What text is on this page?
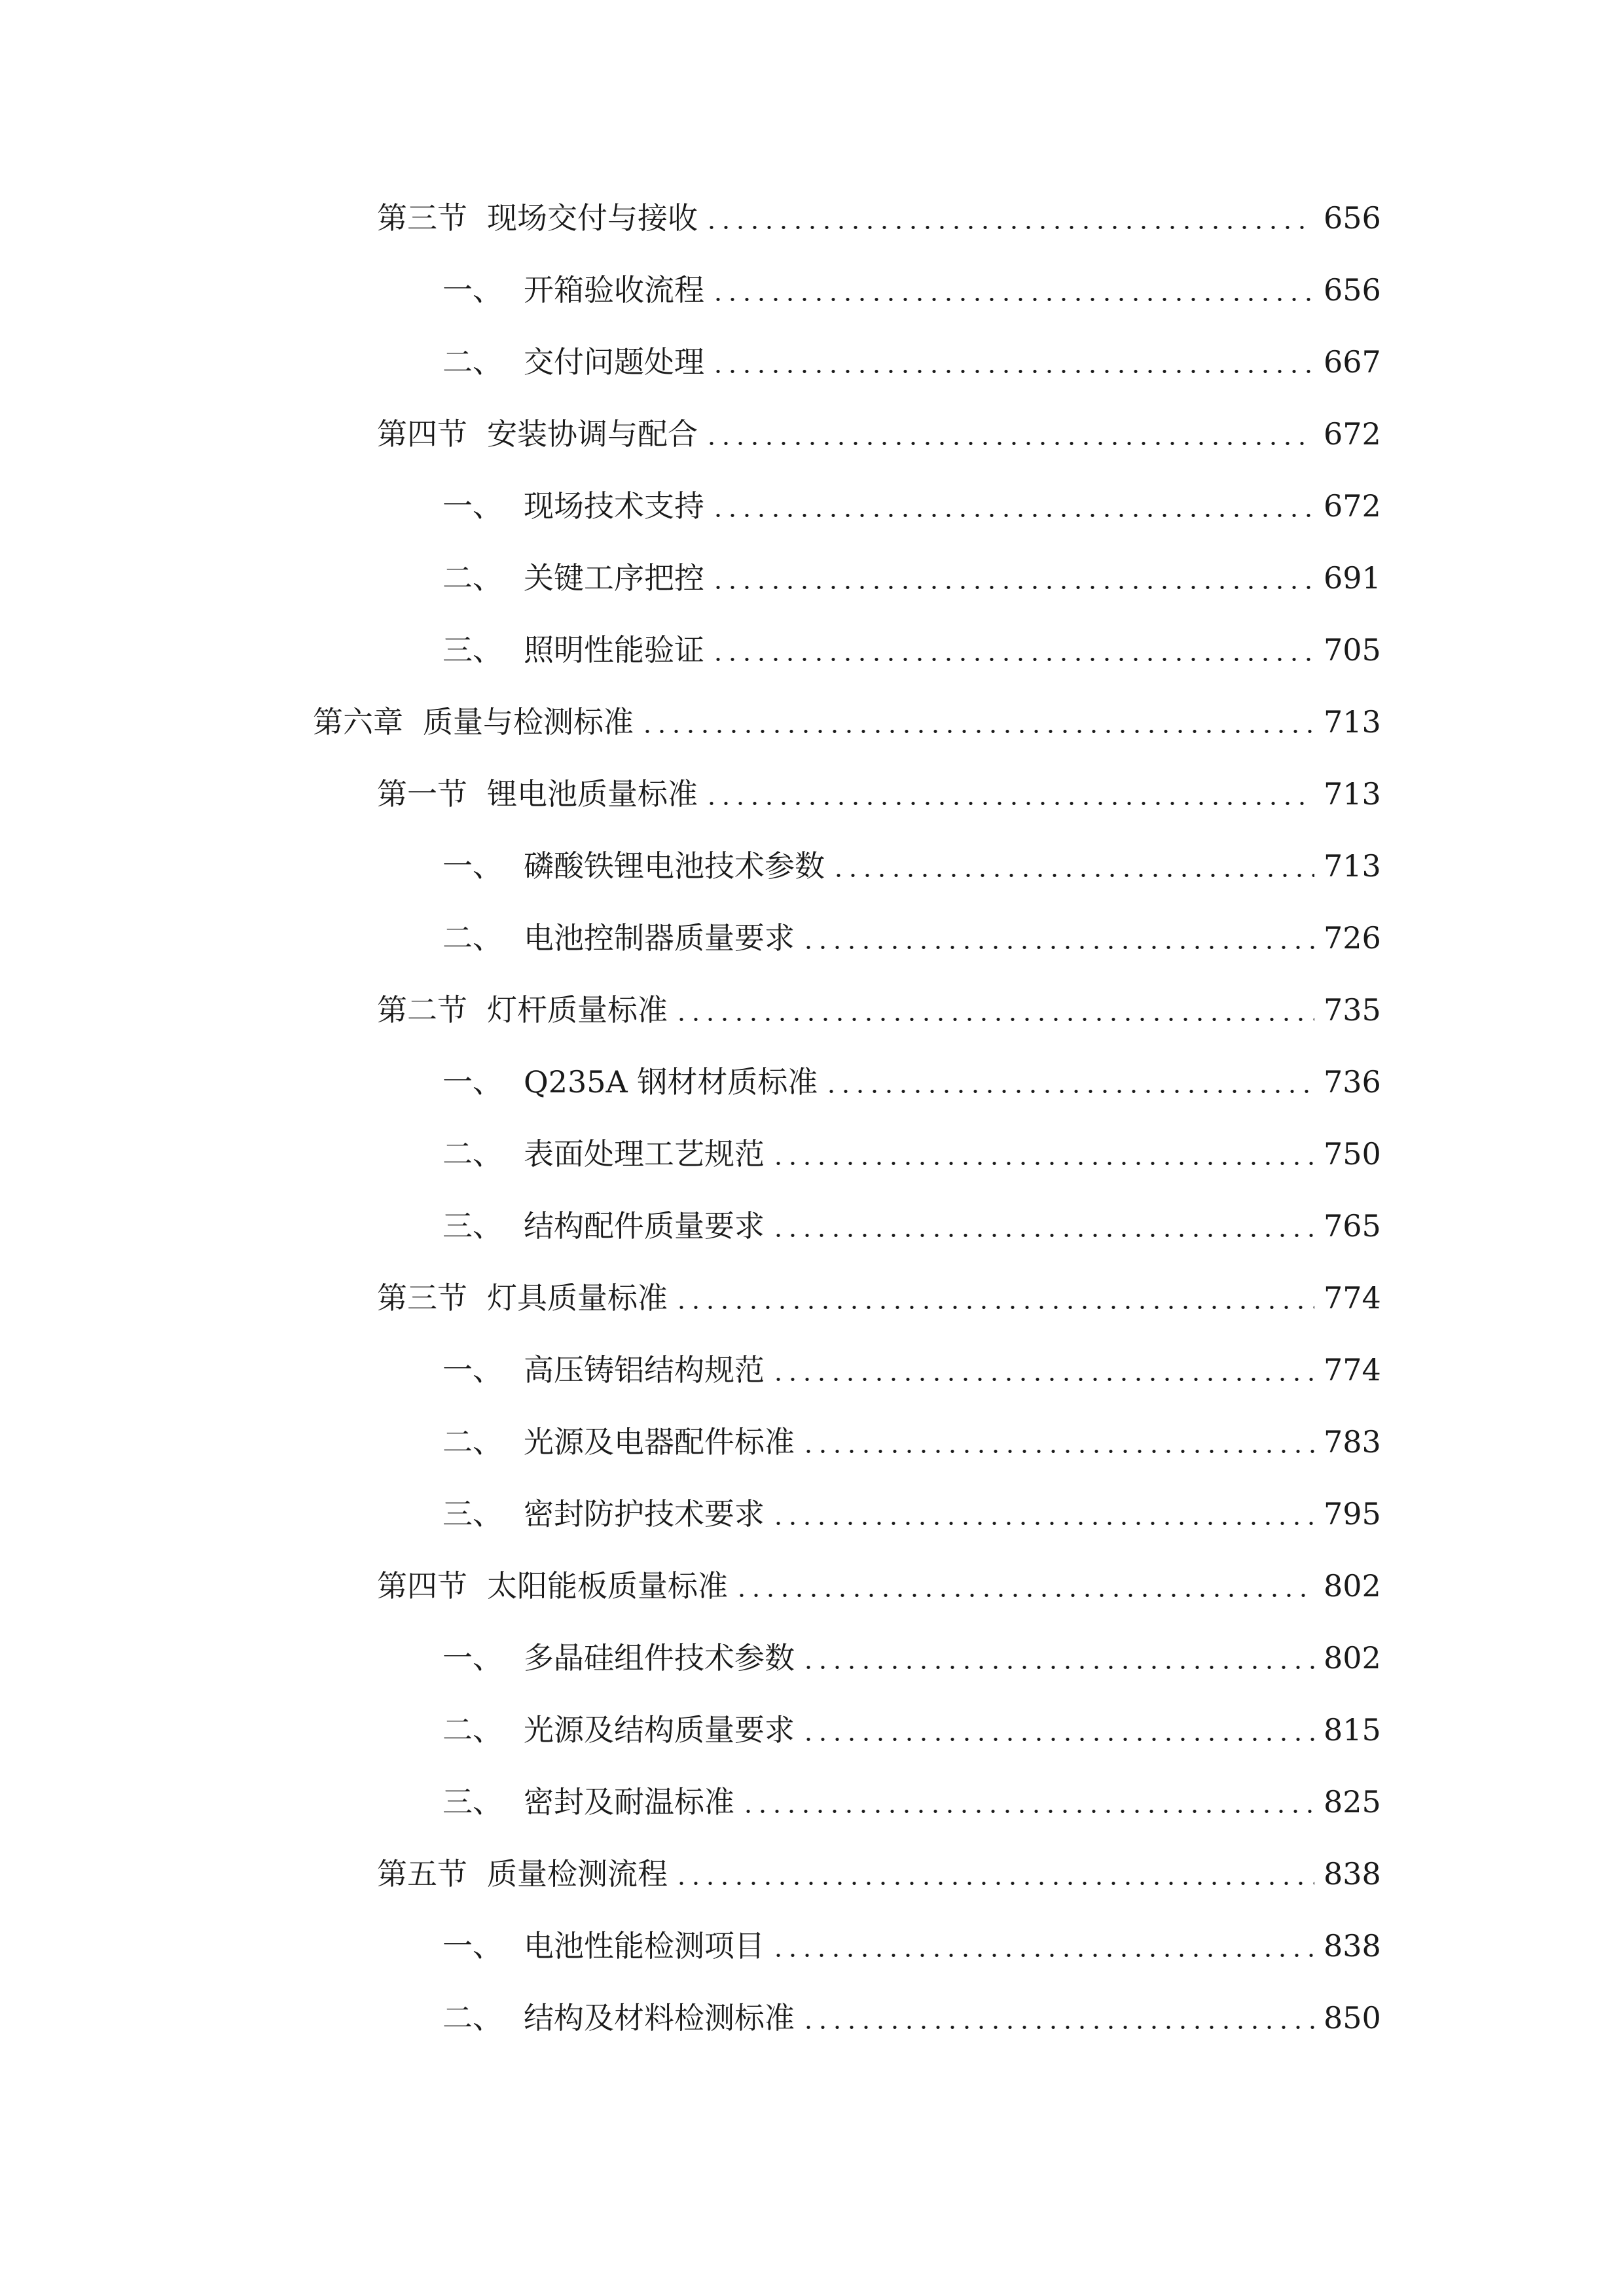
第三节 现场交付与接收	656
一、 开箱验收流程	656
二、 交付问题处理	667
第四节 安装协调与配合	672
一、 现场技术支持	672
二、 关键工序把控	691
三、 照明性能验证	705
第六章 质量与检测标准	713
第一节 锂电池质量标准	713
一、 磷酸铁锂电池技术参数	713
二、 电池控制器质量要求	726
第二节 灯杆质量标准	735
一、 Q235A 钢材材质标准	736
二、 表面处理工艺规范	750
三、 结构配件质量要求	765
第三节 灯具质量标准	774
一、 高压铸铝结构规范	774
二、 光源及电器配件标准	783
三、 密封防护技术要求	795
第四节 太阳能板质量标准	802
一、 多晶硅组件技术参数	802
二、 光源及结构质量要求	815
三、 密封及耐温标准	825
第五节 质量检测流程	838
一、 电池性能检测项目	838
二、 结构及材料检测标准	850
